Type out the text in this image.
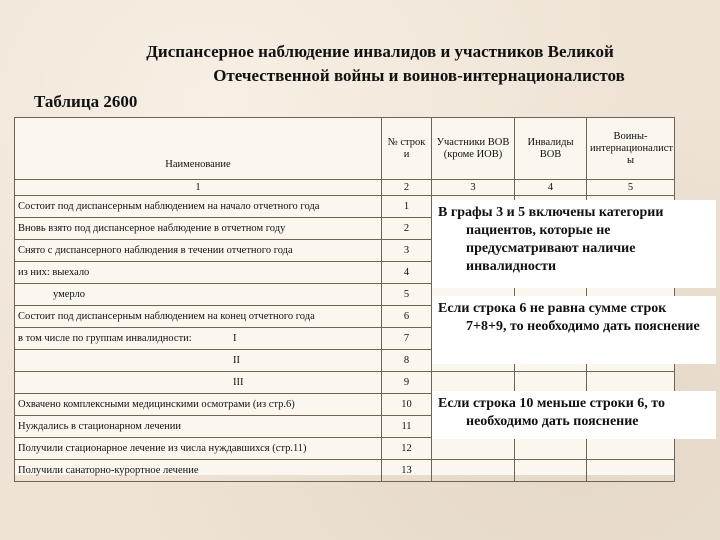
Диспансерное наблюдение инвалидов и участников Великой
Отечественной войны и воинов-интернационалистов
Таблица 2600
Наименование	№ строк и	Участники ВОВ (кроме ИОВ)	Инвалиды ВОВ	Воины-интернационалист ы
1	2	3	4	5
Состоит под диспансерным наблюдением на начало отчетного года	1			
Вновь взято под диспансерное наблюдение в отчетном году	2			
Снято с диспансерного наблюдения в течении отчетного года	3			
из них: выехало	4			
умерло	5			
Состоит под диспансерным наблюдением на конец отчетного года	6			
в том числе по группам инвалидности: I	7			
II	8			
III	9			
Охвачено комплексными медицинскими осмотрами (из стр.6)	10			
Нуждались в стационарном лечении	11			
Получили стационарное лечение из числа нуждавшихся (стр.11)	12			
Получили санаторно-курортное лечение	13			
В графы 3 и 5 включены категории
пациентов, которые не предусматривают наличие инвалидности
Если строка 6 не равна сумме строк
7+8+9, то необходимо дать пояснение
Если строка 10 меньше строки 6, то
необходимо дать пояснение
